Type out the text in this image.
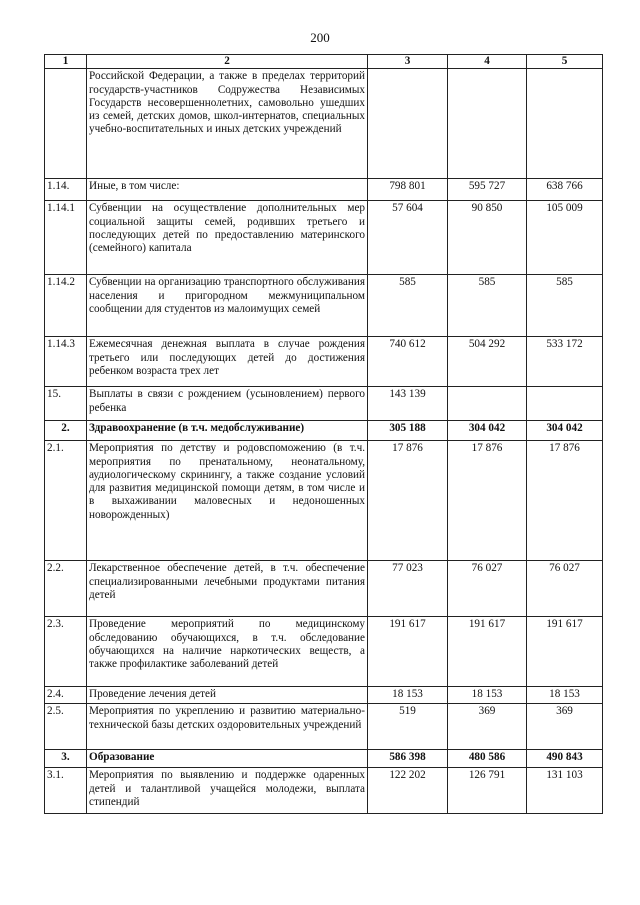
200
1	2	3	4	5
	Российской Федерации, а также в пределах территорий государств-участников Содружества Независимых Государств несовершеннолетних, самовольно ушедших из семей, детских домов, школ-интернатов, специальных учебно-воспитательных и иных детских учреждений			
1.14.	Иные, в том числе:	798 801	595 727	638 766
1.14.1	Субвенции на осуществление дополнительных мер социальной защиты семей, родивших третьего и последующих детей по предоставлению материнского (семейного) капитала	57 604	90 850	105 009
1.14.2	Субвенции на организацию транспортного обслуживания населения и пригородном межмуниципальном сообщении для студентов из малоимущих семей	585	585	585
1.14.3	Ежемесячная денежная выплата в случае рождения третьего или последующих детей до достижения ребенком возраста трех лет	740 612	504 292	533 172
15.	Выплаты в связи с рождением (усыновлением) первого ребенка	143 139		
2.	Здравоохранение (в т.ч. медобслуживание)	305 188	304 042	304 042
2.1.	Мероприятия по детству и родовспоможению (в т.ч. мероприятия по пренатальному, неонатальному, аудиологическому скринингу, а также создание условий для развития медицинской помощи детям, в том числе и в выхаживании маловесных и недоношенных новорожденных)	17 876	17 876	17 876
2.2.	Лекарственное обеспечение детей, в т.ч. обеспечение специализированными лечебными продуктами питания детей	77 023	76 027	76 027
2.3.	Проведение мероприятий по медицинскому обследованию обучающихся, в т.ч. обследование обучающихся на наличие наркотических веществ, а также профилактике заболеваний детей	191 617	191 617	191 617
2.4.	Проведение лечения детей	18 153	18 153	18 153
2.5.	Мероприятия по укреплению и развитию материально-технической базы детских оздоровительных учреждений	519	369	369
3.	Образование	586 398	480 586	490 843
3.1.	Мероприятия по выявлению и поддержке одаренных детей и талантливой учащейся молодежи, выплата стипендий	122 202	126 791	131 103
